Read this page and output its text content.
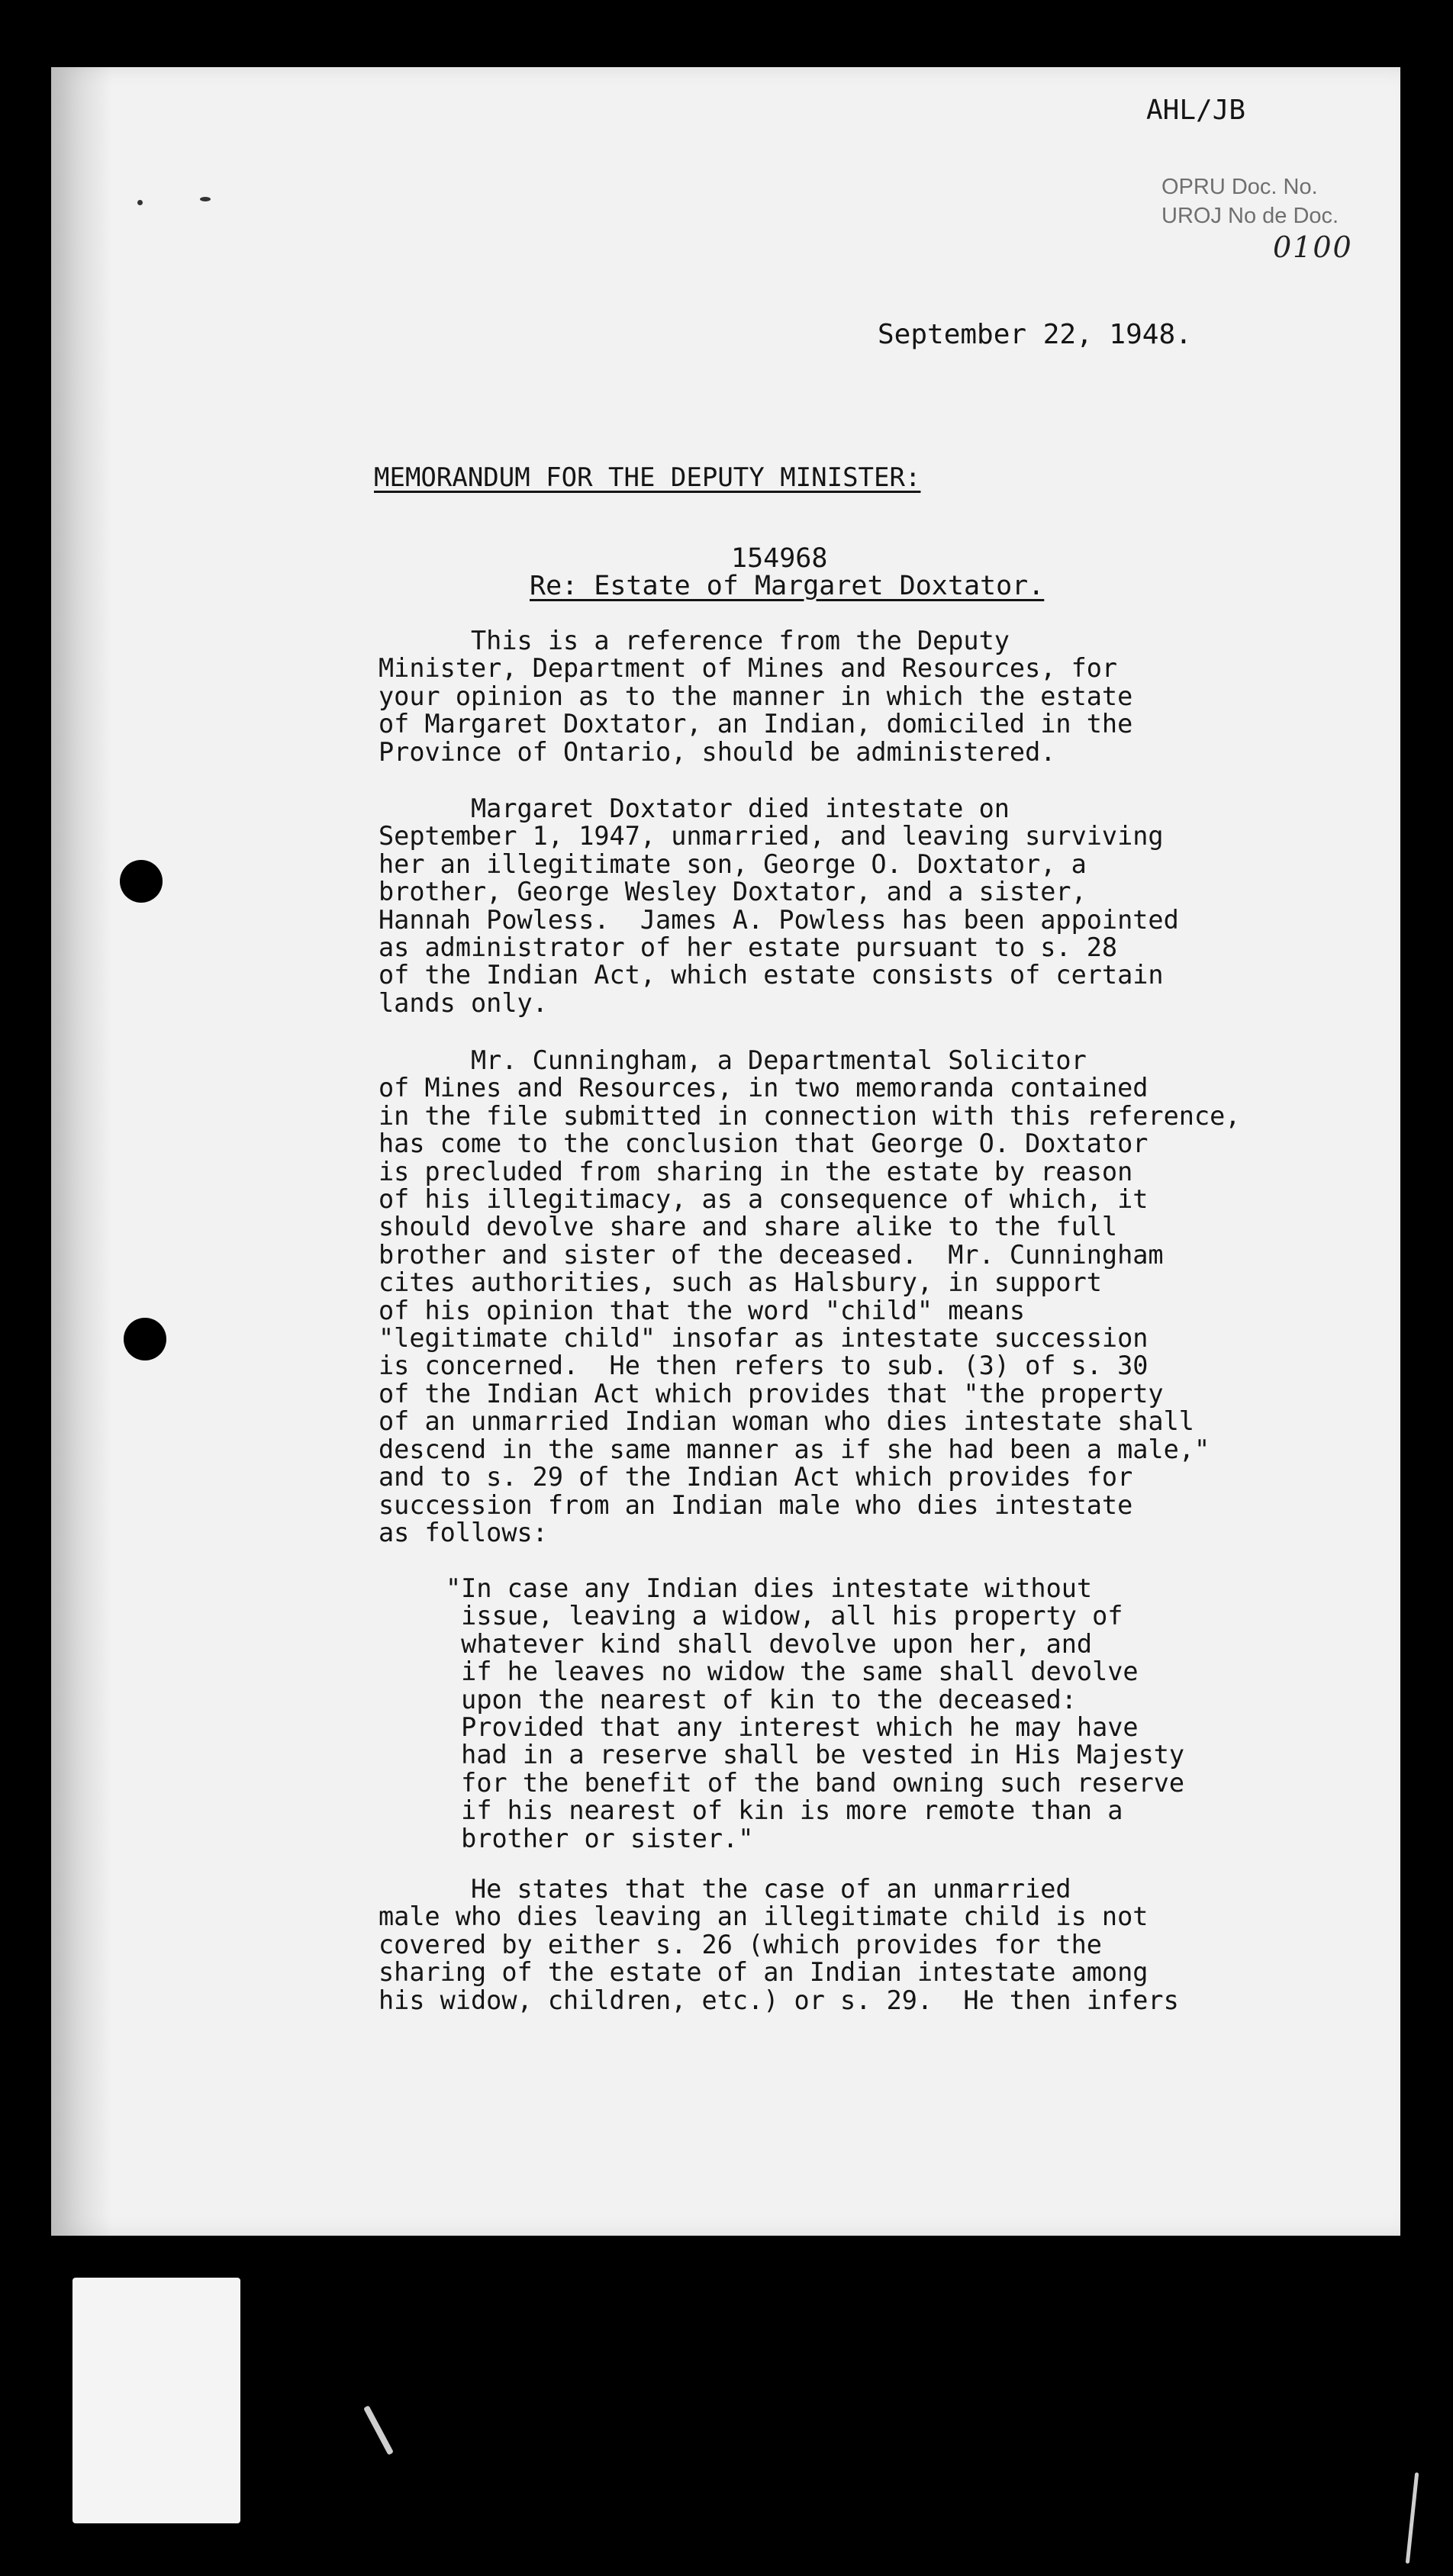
AHL/JB

OPRU Doc. No.
UROJ No de Doc.

0100

September 22, 1948.

MEMORANDUM FOR THE DEPUTY MINISTER:

154968

Re: Estate of Margaret Doxtator.

This is a reference from the Deputy
Minister, Department of Mines and Resources, for
your opinion as to the manner in which the estate
of Margaret Doxtator, an Indian, domiciled in the
Province of Ontario, should be administered.

Margaret Doxtator died intestate on
September 1, 1947, unmarried, and leaving surviving
her an illegitimate son, George O. Doxtator, a
brother, George Wesley Doxtator, and a sister,
Hannah Powless.  James A. Powless has been appointed
as administrator of her estate pursuant to s. 28
of the Indian Act, which estate consists of certain
lands only.

Mr. Cunningham, a Departmental Solicitor
of Mines and Resources, in two memoranda contained
in the file submitted in connection with this reference,
has come to the conclusion that George O. Doxtator
is precluded from sharing in the estate by reason
of his illegitimacy, as a consequence of which, it
should devolve share and share alike to the full
brother and sister of the deceased.  Mr. Cunningham
cites authorities, such as Halsbury, in support
of his opinion that the word "child" means
"legitimate child" insofar as intestate succession
is concerned.  He then refers to sub. (3) of s. 30
of the Indian Act which provides that "the property
of an unmarried Indian woman who dies intestate shall
descend in the same manner as if she had been a male,"
and to s. 29 of the Indian Act which provides for
succession from an Indian male who dies intestate
as follows:

"In case any Indian dies intestate without
issue, leaving a widow, all his property of
whatever kind shall devolve upon her, and
if he leaves no widow the same shall devolve
upon the nearest of kin to the deceased:
Provided that any interest which he may have
had in a reserve shall be vested in His Majesty
for the benefit of the band owning such reserve
if his nearest of kin is more remote than a
brother or sister."

He states that the case of an unmarried
male who dies leaving an illegitimate child is not
covered by either s. 26 (which provides for the
sharing of the estate of an Indian intestate among
his widow, children, etc.) or s. 29.  He then infers
